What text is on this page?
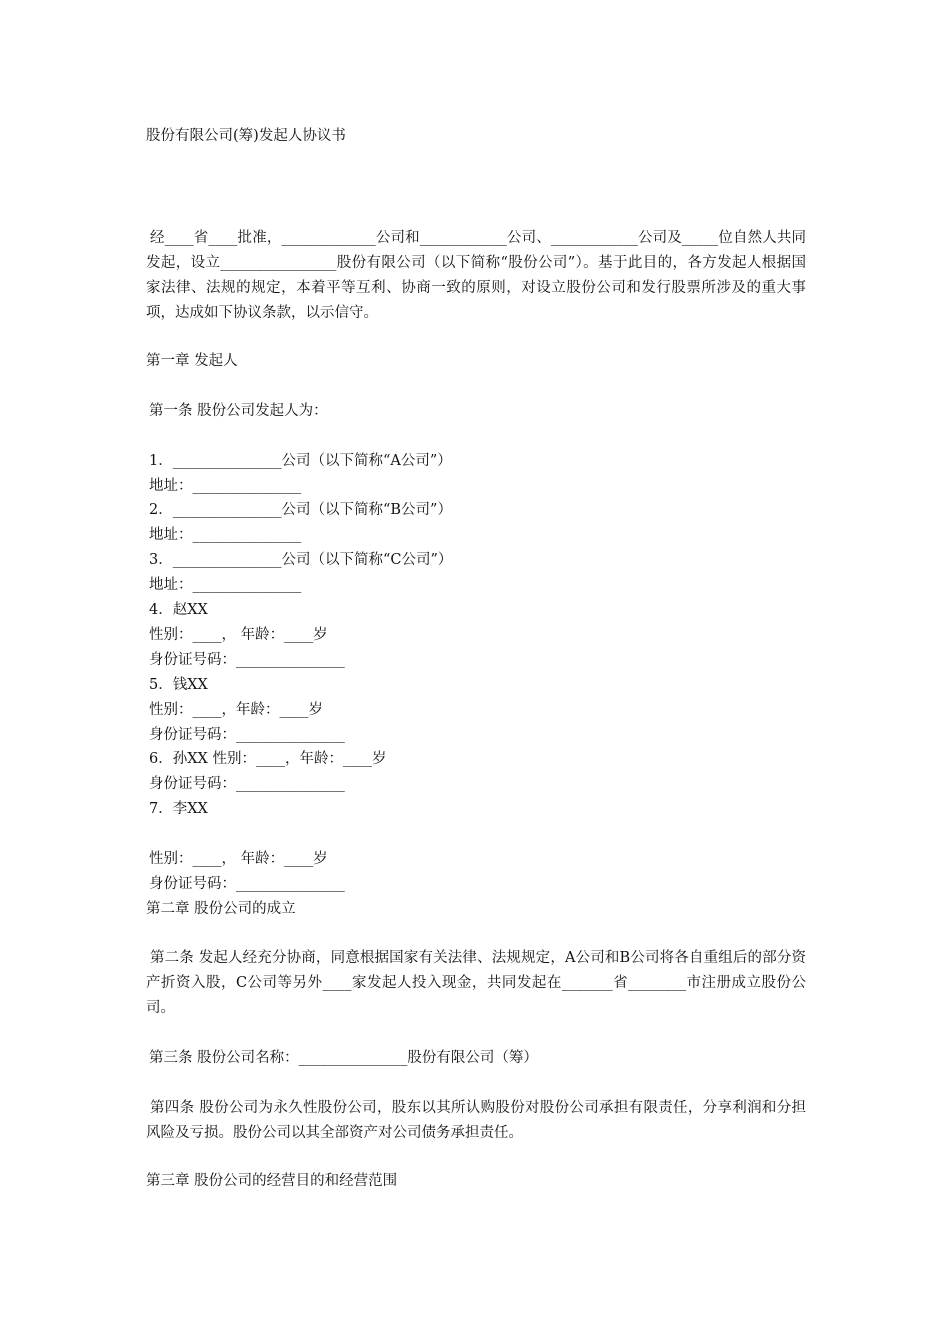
股份有限公司(筹)发起人协议书
经____省____批准，_____________公司和____________公司、____________公司及_____位自然人共同发起，设立________________股份有限公司（以下简称“股份公司”）。基于此目的，各方发起人根据国家法律、法规的规定，本着平等互利、协商一致的原则，对设立股份公司和发行股票所涉及的重大事项，达成如下协议条款，以示信守。
第一章 发起人
第一条 股份公司发起人为：
1．_______________公司（以下简称“A公司”）
地址：_______________
2．_______________公司（以下简称“B公司”）
地址：_______________
3．_______________公司（以下简称“C公司”）
地址：_______________
4．赵XX
性别：____， 年龄：____岁
身份证号码：_______________
5．钱XX
性别：____，年龄：____岁
身份证号码：_______________
6．孙XX 性别：____，年龄：____岁
身份证号码：_______________
7．李XX
性别：____， 年龄：____岁
身份证号码：_______________
第二章 股份公司的成立
第二条 发起人经充分协商，同意根据国家有关法律、法规规定，A公司和B公司将各自重组后的部分资产折资入股，C公司等另外____家发起人投入现金，共同发起在_______省________市注册成立股份公司。
第三条 股份公司名称：_______________股份有限公司（筹）
第四条 股份公司为永久性股份公司，股东以其所认购股份对股份公司承担有限责任，分享利润和分担风险及亏损。股份公司以其全部资产对公司债务承担责任。
第三章 股份公司的经营目的和经营范围
